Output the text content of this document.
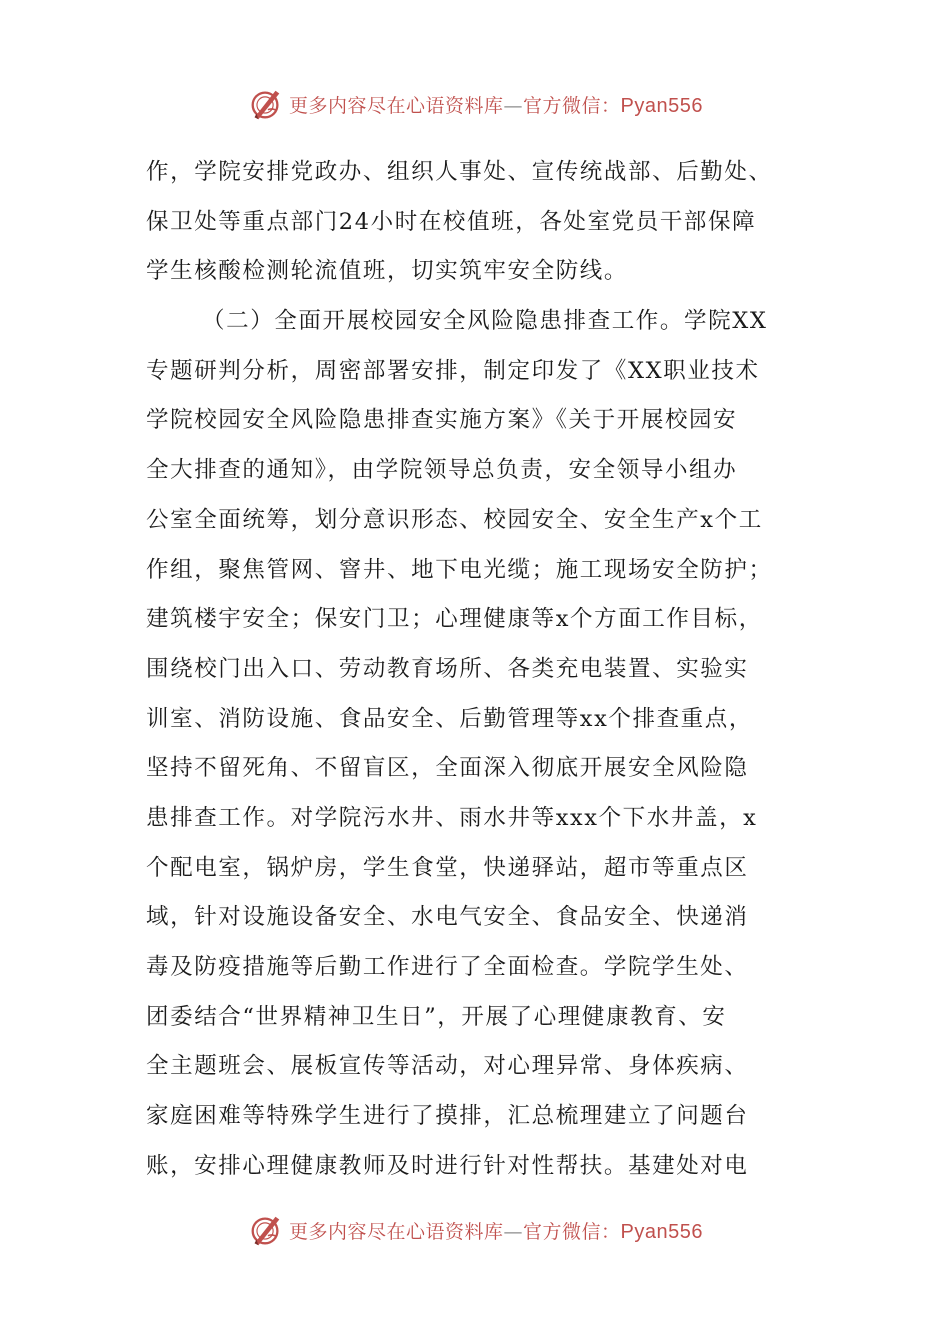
更多内容尽在心语资料库—官方微信：Pyan556
作，学院安排党政办、组织人事处、宣传统战部、后勤处、
保卫处等重点部门24小时在校值班，各处室党员干部保障
学生核酸检测轮流值班，切实筑牢安全防线。
（二）全面开展校园安全风险隐患排查工作。学院XX
专题研判分析，周密部署安排，制定印发了《XX职业技术
学院校园安全风险隐患排查实施方案》《关于开展校园安
全大排查的通知》，由学院领导总负责，安全领导小组办
公室全面统筹，划分意识形态、校园安全、安全生产x个工
作组，聚焦管网、窨井、地下电光缆；施工现场安全防护；
建筑楼宇安全；保安门卫；心理健康等x个方面工作目标，
围绕校门出入口、劳动教育场所、各类充电装置、实验实
训室、消防设施、食品安全、后勤管理等xx个排查重点，
坚持不留死角、不留盲区，全面深入彻底开展安全风险隐
患排查工作。对学院污水井、雨水井等xxx个下水井盖，x
个配电室，锅炉房，学生食堂，快递驿站，超市等重点区
域，针对设施设备安全、水电气安全、食品安全、快递消
毒及防疫措施等后勤工作进行了全面检查。学院学生处、
团委结合“世界精神卫生日”，开展了心理健康教育、安
全主题班会、展板宣传等活动，对心理异常、身体疾病、
家庭困难等特殊学生进行了摸排，汇总梳理建立了问题台
账，安排心理健康教师及时进行针对性帮扶。基建处对电
更多内容尽在心语资料库—官方微信：Pyan556
